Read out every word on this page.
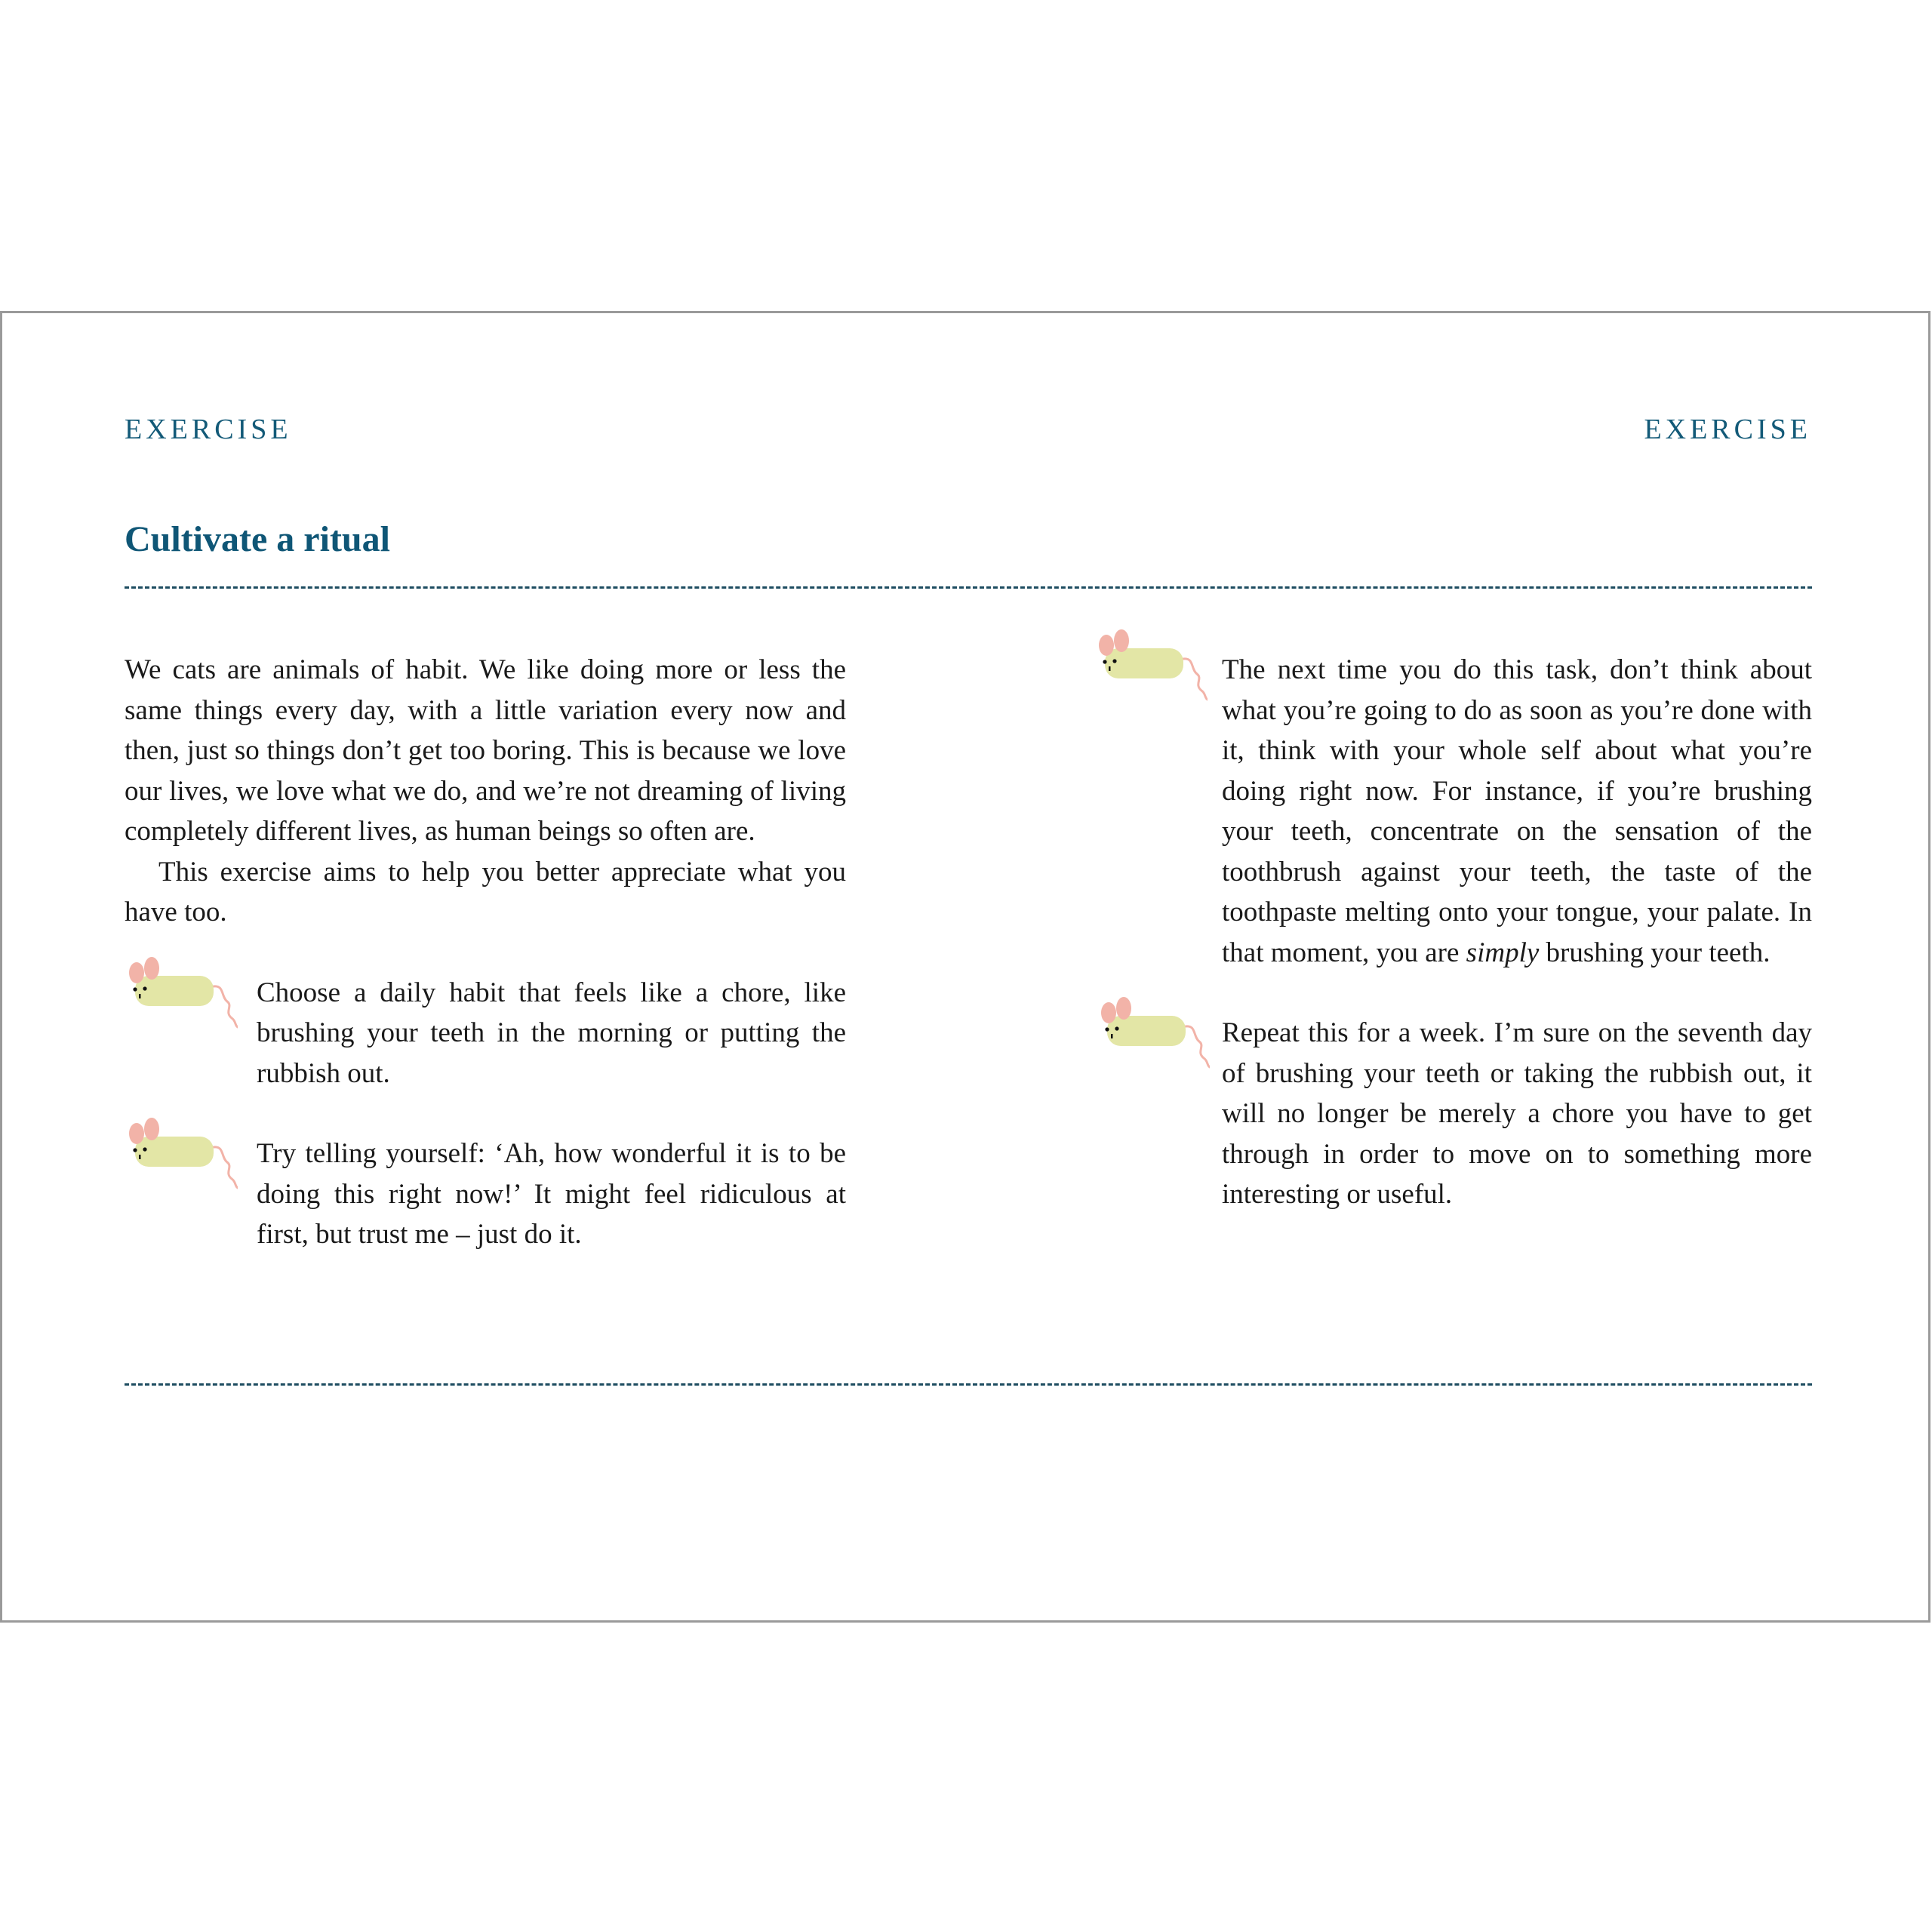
EXERCISE	EXERCISE
Cultivate a ritual

We cats are animals of habit. We like doing more or less the same things every day, with a little variation every now and then, just so things don’t get too boring. This is because we love our lives, we love what we do, and we’re not dreaming of living completely different lives, as human beings so often are.

This exercise aims to help you better appreciate what you have too.

Choose a daily habit that feels like a chore, like brushing your teeth in the morning or putting the rubbish out.

Try telling yourself: ‘Ah, how wonderful it is to be doing this right now!’ It might feel ridiculous at first, but trust me – just do it.

The next time you do this task, don’t think about what you’re going to do as soon as you’re done with it, think with your whole self about what you’re doing right now. For instance, if you’re brushing your teeth, concentrate on the sensation of the toothbrush against your teeth, the taste of the toothpaste melting onto your tongue, your palate. In that moment, you are simply brushing your teeth.

Repeat this for a week. I’m sure on the seventh day of brushing your teeth or taking the rubbish out, it will no longer be merely a chore you have to get through in order to move on to something more interesting or useful.
